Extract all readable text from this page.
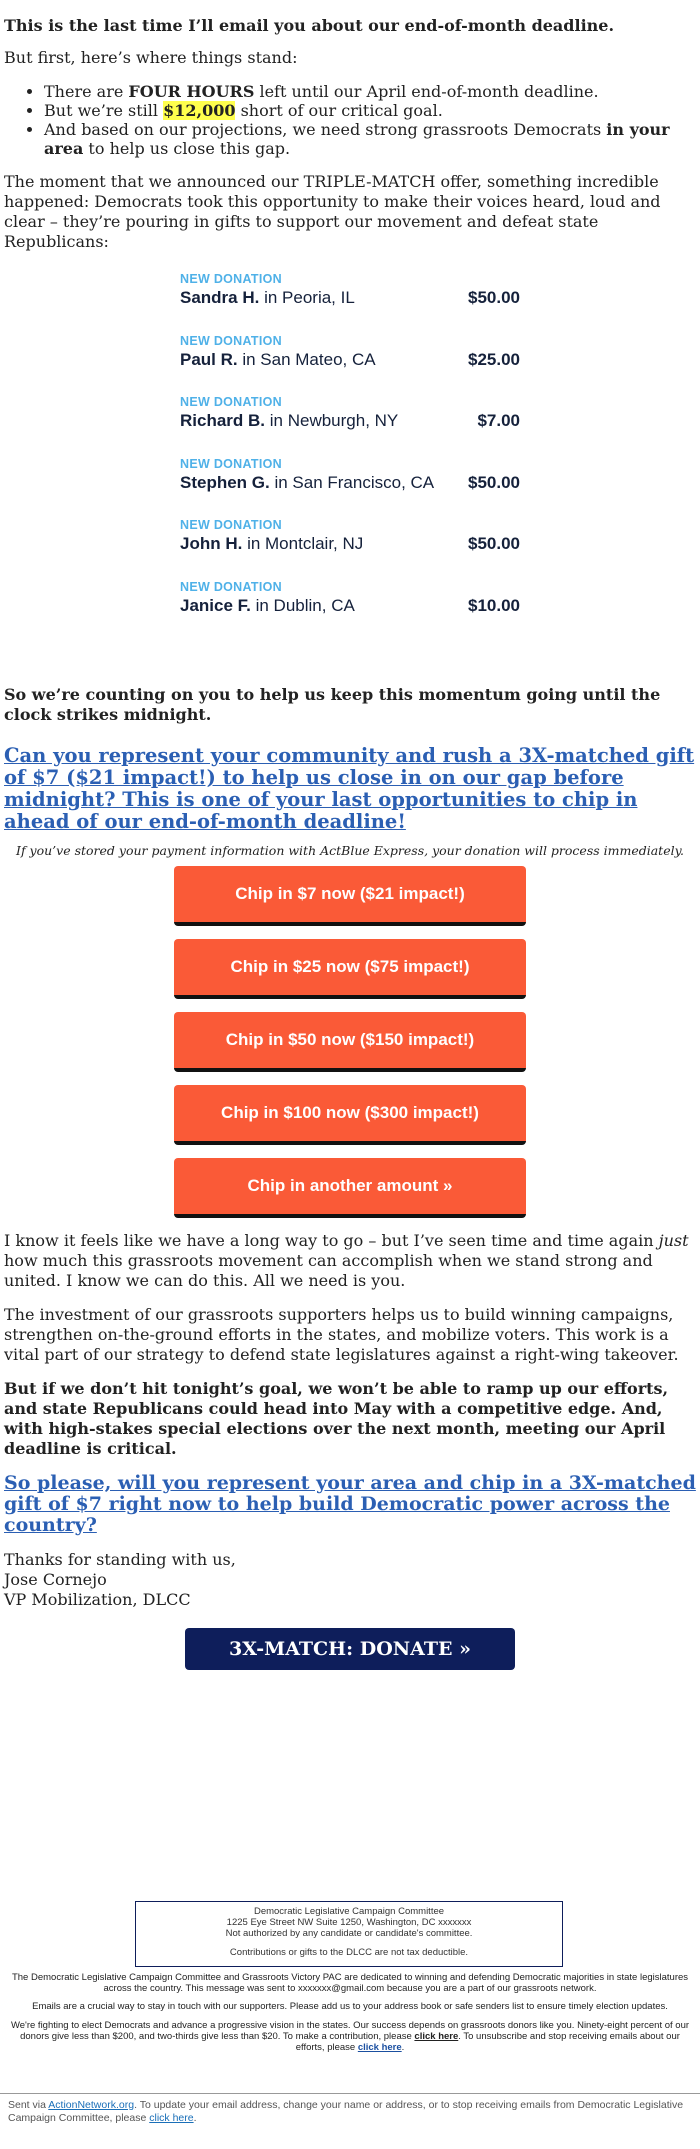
This is the last time I’ll email you about our end-of-month deadline.

But first, here’s where things stand:

• There are FOUR HOURS left until our April end-of-month deadline.
• But we’re still $12,000 short of our critical goal.
• And based on our projections, we need strong grassroots Democrats in your area to help us close this gap.

The moment that we announced our TRIPLE-MATCH offer, something incredible happened: Democrats took this opportunity to make their voices heard, loud and clear – they’re pouring in gifts to support our movement and defeat state Republicans:

NEW DONATION
Sandra H. in Peoria, IL	$50.00
NEW DONATION
Paul R. in San Mateo, CA	$25.00
NEW DONATION
Richard B. in Newburgh, NY	$7.00
NEW DONATION
Stephen G. in San Francisco, CA $50.00
NEW DONATION
John H. in Montclair, NJ	$50.00
NEW DONATION
Janice F. in Dublin, CA	$10.00
So we’re counting on you to help us keep this momentum going until the clock strikes midnight.
Can you represent your community and rush a 3X-matched gift of $7 ($21 impact!) to help us close in on our gap before midnight? This is one of your last opportunities to chip in ahead of our end-of-month deadline!
If you’ve stored your payment information with ActBlue Express, your donation will process immediately.
Chip in $7 now ($21 impact!)
Chip in $25 now ($75 impact!)
Chip in $50 now ($150 impact!)
Chip in $100 now ($300 impact!)
Chip in another amount »

I know it feels like we have a long way to go – but I’ve seen time and time again just how much this grassroots movement can accomplish when we stand strong and united. I know we can do this. All we need is you.

The investment of our grassroots supporters helps us to build winning campaigns, strengthen on-the-ground efforts in the states, and mobilize voters. This work is a vital part of our strategy to defend state legislatures against a right-wing takeover.

But if we don’t hit tonight’s goal, we won’t be able to ramp up our efforts, and state Republicans could head into May with a competitive edge. And, with high-stakes special elections over the next month, meeting our April deadline is critical.

So please, will you represent your area and chip in a 3X-matched gift of $7 right now to help build Democratic power across the country?
Thanks for standing with us,
Jose Cornejo
VP Mobilization, DLCC
3X-MATCH: DONATE »
Democratic Legislative Campaign Committee
1225 Eye Street NW Suite 1250, Washington, DC xxxxxxx
Not authorized by any candidate or candidate's committee.
Contributions or gifts to the DLCC are not tax deductible.
The Democratic Legislative Campaign Committee and Grassroots Victory PAC are dedicated to winning and defending Democratic majorities in state legislatures across the country. This message was sent to xxxxxxx@gmail.com because you are a part of our grassroots network.
Emails are a crucial way to stay in touch with our supporters. Please add us to your address book or safe senders list to ensure timely election updates.
We're fighting to elect Democrats and advance a progressive vision in the states. Our success depends on grassroots donors like you. Ninety-eight percent of our donors give less than $200, and two-thirds give less than $20. To make a contribution, please click here. To unsubscribe and stop receiving emails about our efforts, please click here.
Sent via ActionNetwork.org. To update your email address, change your name or address, or to stop receiving emails from Democratic Legislative Campaign Committee, please click here.
